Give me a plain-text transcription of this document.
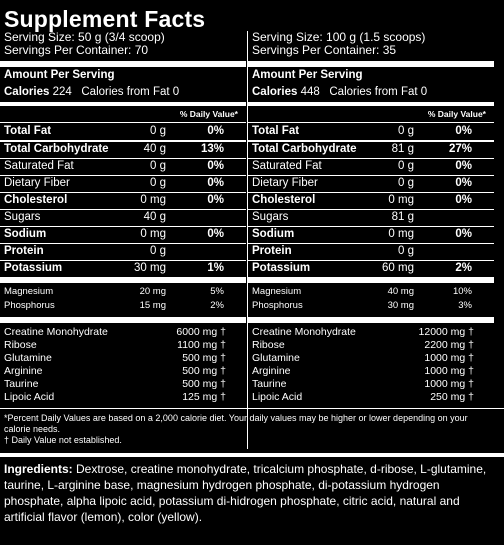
Supplement Facts
Serving Size: 50 g (3/4 scoop)
Servings Per Container: 70
Amount Per Serving
Calories 224 Calories from Fat 0
% Daily Value*
Total Fat	0 g	0%
Total Carbohydrate	40 g	13%
Saturated Fat	0 g	0%
Dietary Fiber	0 g	0%
Cholesterol	0 mg	0%
Sugars	40 g
Sodium	0 mg	0%
Protein	0 g
Potassium	30 mg	1%
Magnesium	20 mg	5%
Phosphorus	15 mg	2%
Creatine Monohydrate	6000 mg †
Ribose	1100 mg †
Glutamine	500 mg †
Arginine	500 mg †
Taurine	500 mg †
Lipoic Acid	125 mg †
Serving Size: 100 g (1.5 scoops)
Servings Per Container: 35
Amount Per Serving
Calories 448 Calories from Fat 0
% Daily Value*
Total Fat	0 g	0%
Total Carbohydrate	81 g	27%
Saturated Fat	0 g	0%
Dietary Fiber	0 g	0%
Cholesterol	0 mg	0%
Sugars	81 g
Sodium	0 mg	0%
Protein	0 g
Potassium	60 mg	2%
Magnesium	40 mg	10%
Phosphorus	30 mg	3%
Creatine Monohydrate	12000 mg †
Ribose	2200 mg †
Glutamine	1000 mg †
Arginine	1000 mg †
Taurine	1000 mg †
Lipoic Acid	250 mg †
*Percent Daily Values are based on a 2,000 calorie diet. Your daily values may be higher or lower depending on your calorie needs.
† Daily Value not established.
Ingredients: Dextrose, creatine monohydrate, tricalcium phosphate, d-ribose, L-glutamine, taurine, L-arginine base, magnesium hydrogen phosphate, di-potassium hydrogen phosphate, alpha lipoic acid, potassium di-hidrogen phosphate, citric acid, natural and artificial flavor (lemon), color (yellow).
